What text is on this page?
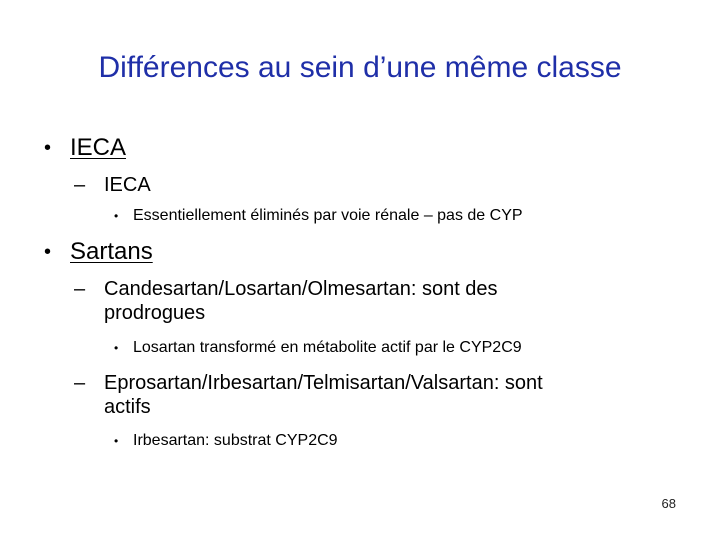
Différences au sein d’une même classe
• IECA
– IECA
• Essentiellement éliminés par voie rénale – pas de CYP
• Sartans
– Candesartan/Losartan/Olmesartan: sont des
prodrogues
• Losartan transformé en métabolite actif par le CYP2C9
– Eprosartan/Irbesartan/Telmisartan/Valsartan: sont
actifs
• Irbesartan: substrat CYP2C9
68
